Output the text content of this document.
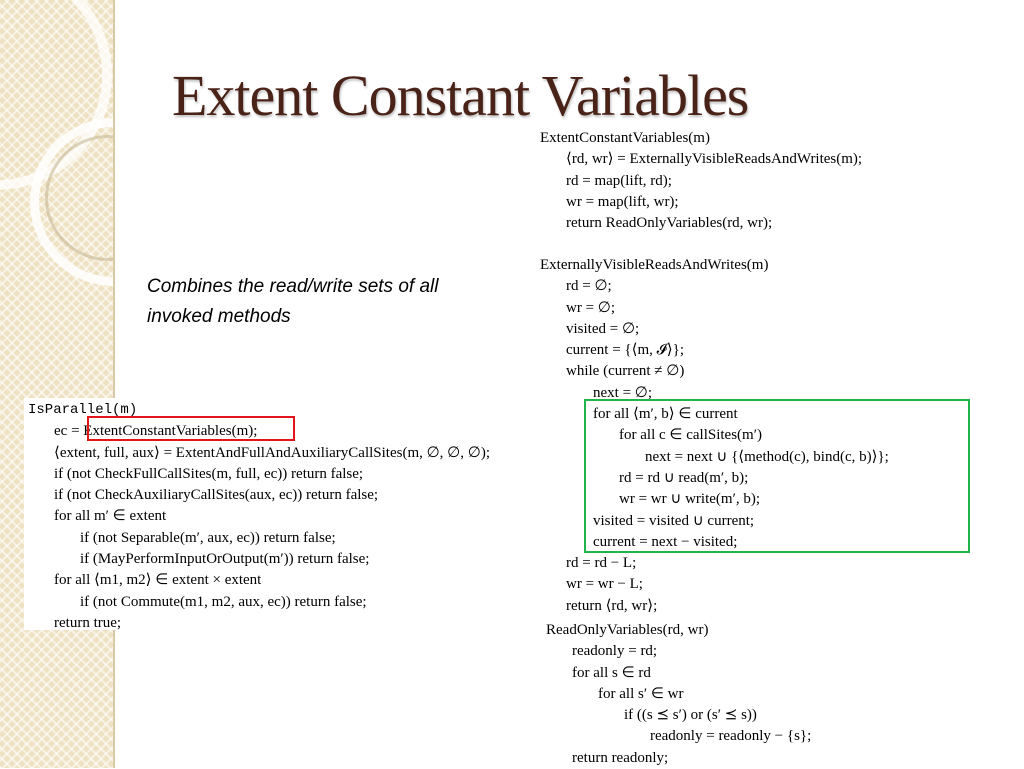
Extent Constant Variables
Combines the read/write sets of all invoked methods
ExtentConstantVariables(m)
⟨rd, wr⟩ = ExternallyVisibleReadsAndWrites(m);
rd = map(lift, rd);
wr = map(lift, wr);
return ReadOnlyVariables(rd, wr);
ExternallyVisibleReadsAndWrites(m)
rd = ∅;
wr = ∅;
visited = ∅;
current = {⟨m, 𝓘⟩};
while (current ≠ ∅)
next = ∅;
for all ⟨m′, b⟩ ∈ current
for all c ∈ callSites(m′)
next = next ∪ {⟨method(c), bind(c, b)⟩};
rd = rd ∪ read(m′, b);
wr = wr ∪ write(m′, b);
visited = visited ∪ current;
current = next − visited;
rd = rd − L;
wr = wr − L;
return ⟨rd, wr⟩;
ReadOnlyVariables(rd, wr)
readonly = rd;
for all s ∈ rd
for all s′ ∈ wr
if ((s ⪯ s′) or (s′ ⪯ s))
readonly = readonly − {s};
return readonly;
IsParallel(m)
ec = ExtentConstantVariables(m);
⟨extent, full, aux⟩ = ExtentAndFullAndAuxiliaryCallSites(m, ∅, ∅, ∅);
if (not CheckFullCallSites(m, full, ec)) return false;
if (not CheckAuxiliaryCallSites(aux, ec)) return false;
for all m′ ∈ extent
if (not Separable(m′, aux, ec)) return false;
if (MayPerformInputOrOutput(m′)) return false;
for all ⟨m1, m2⟩ ∈ extent × extent
if (not Commute(m1, m2, aux, ec)) return false;
return true;
